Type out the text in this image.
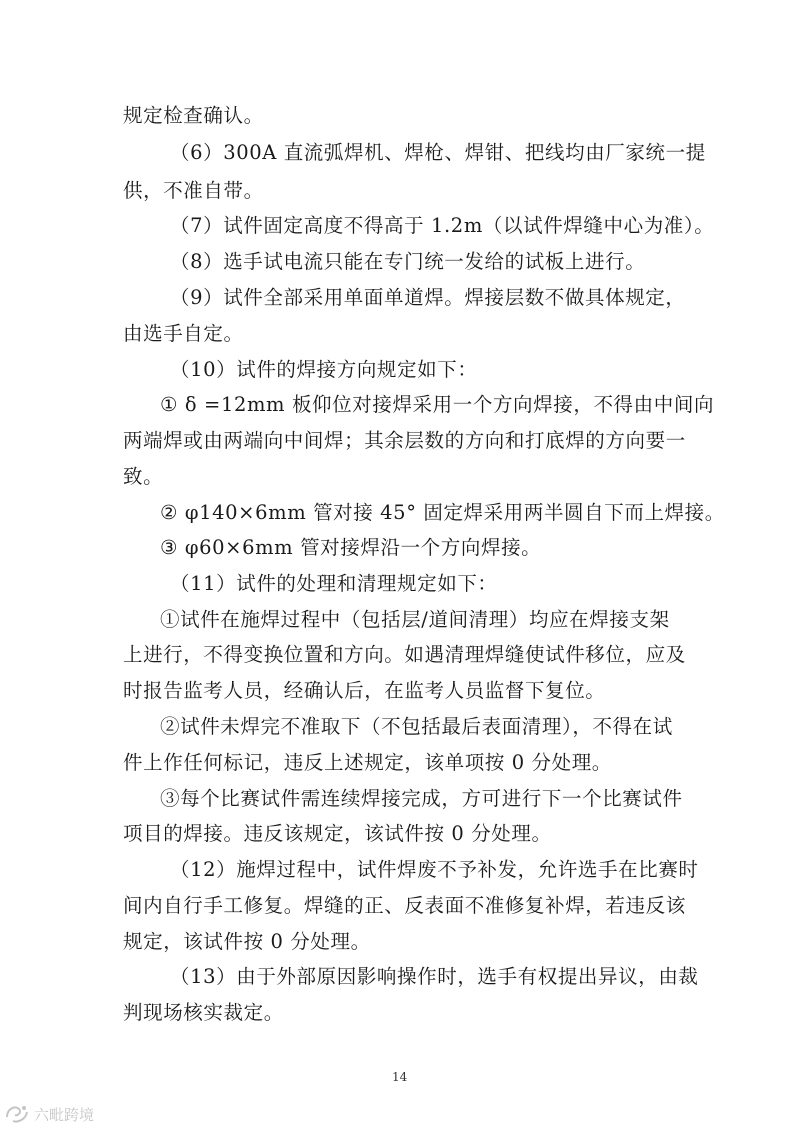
规定检查确认。
（6）300A 直流弧焊机、焊枪、焊钳、把线均由厂家统一提
供，不准自带。
（7）试件固定高度不得高于 1.2m（以试件焊缝中心为准）。
（8）选手试电流只能在专门统一发给的试板上进行。
（9）试件全部采用单面单道焊。焊接层数不做具体规定，
由选手自定。
（10）试件的焊接方向规定如下：
① δ =12mm 板仰位对接焊采用一个方向焊接，不得由中间向
两端焊或由两端向中间焊；其余层数的方向和打底焊的方向要一
致。
② φ140×6mm 管对接 45° 固定焊采用两半圆自下而上焊接。
③ φ60×6mm 管对接焊沿一个方向焊接。
（11）试件的处理和清理规定如下：
①试件在施焊过程中（包括层/道间清理）均应在焊接支架
上进行，不得变换位置和方向。如遇清理焊缝使试件移位，应及
时报告监考人员，经确认后，在监考人员监督下复位。
②试件未焊完不准取下（不包括最后表面清理），不得在试
件上作任何标记，违反上述规定，该单项按 0 分处理。
③每个比赛试件需连续焊接完成，方可进行下一个比赛试件
项目的焊接。违反该规定，该试件按 0 分处理。
（12）施焊过程中，试件焊废不予补发，允许选手在比赛时
间内自行手工修复。焊缝的正、反表面不准修复补焊，若违反该
规定，该试件按 0 分处理。
（13）由于外部原因影响操作时，选手有权提出异议，由裁
判现场核实裁定。
14
六毗跨境
